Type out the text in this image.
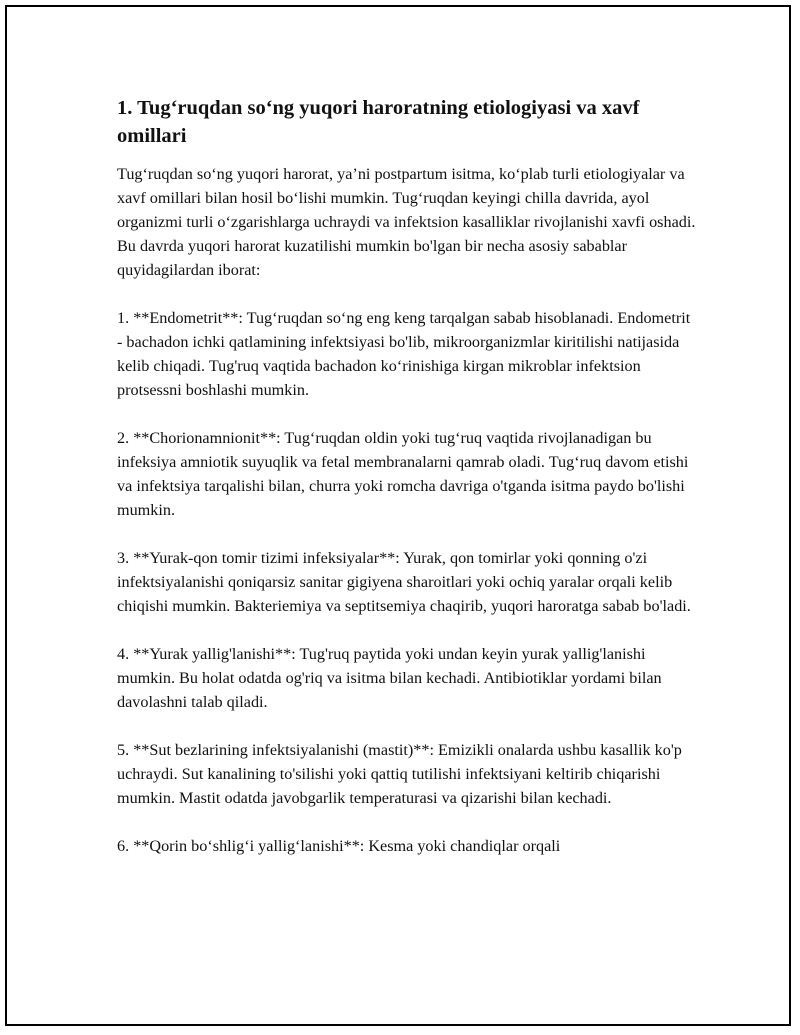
1. Tug‘ruqdan so‘ng yuqori haroratning etiologiyasi va xavf omillari

Tug‘ruqdan so‘ng yuqori harorat, ya’ni postpartum isitma, ko‘plab turli etiologiyalar va xavf omillari bilan hosil bo‘lishi mumkin. Tug‘ruqdan keyingi chilla davrida, ayol organizmi turli o‘zgarishlarga uchraydi va infektsion kasalliklar rivojlanishi xavfi oshadi. Bu davrda yuqori harorat kuzatilishi mumkin bo'lgan bir necha asosiy sabablar quyidagilardan iborat:

1. **Endometrit**: Tug‘ruqdan so‘ng eng keng tarqalgan sabab hisoblanadi. Endometrit - bachadon ichki qatlamining infektsiyasi bo'lib, mikroorganizmlar kiritilishi natijasida kelib chiqadi. Tug'ruq vaqtida bachadon ko‘rinishiga kirgan mikroblar infektsion protsessni boshlashi mumkin.

2. **Chorionamnionit**: Tug‘ruqdan oldin yoki tug‘ruq vaqtida rivojlanadigan bu infeksiya amniotik suyuqlik va fetal membranalarni qamrab oladi. Tug‘ruq davom etishi va infektsiya tarqalishi bilan, churra yoki romcha davriga o'tganda isitma paydo bo'lishi mumkin.

3. **Yurak-qon tomir tizimi infeksiyalar**: Yurak, qon tomirlar yoki qonning o'zi infektsiyalanishi qoniqarsiz sanitar gigiyena sharoitlari yoki ochiq yaralar orqali kelib chiqishi mumkin. Bakteriemiya va septitsemiya chaqirib, yuqori haroratga sabab bo'ladi.

4. **Yurak yallig'lanishi**: Tug'ruq paytida yoki undan keyin yurak yallig'lanishi mumkin. Bu holat odatda og'riq va isitma bilan kechadi. Antibiotiklar yordami bilan davolashni talab qiladi.

5. **Sut bezlarining infektsiyalanishi (mastit)**: Emizikli onalarda ushbu kasallik ko'p uchraydi. Sut kanalining to'silishi yoki qattiq tutilishi infektsiyani keltirib chiqarishi mumkin. Mastit odatda javobgarlik temperaturasi va qizarishi bilan kechadi.

6. **Qorin bo‘shlig‘i yallig‘lanishi**: Kesma yoki chandiqlar orqali
